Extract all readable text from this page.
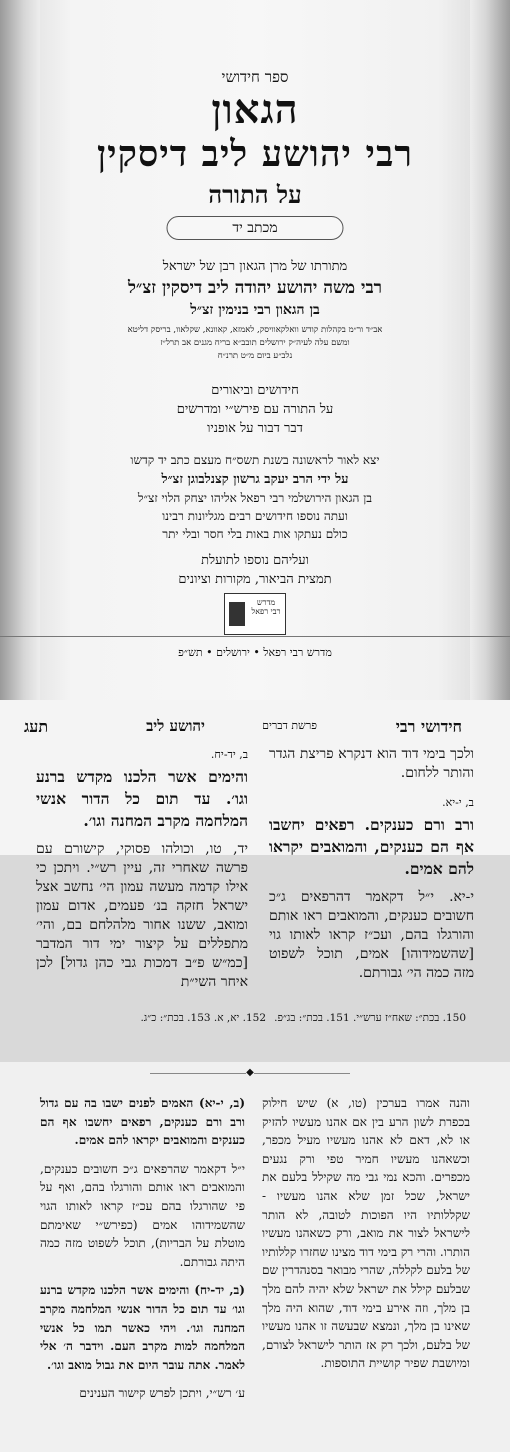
ספר חידושי
הגאון
רבי יהושע ליב דיסקין
על התורה
מכתב יד
מתורתו של מרן הגאון רבן של ישראל
רבי משה יהושע יהודה ליב דיסקין זצ״ל
בן הגאון רבי בנימין זצ״ל
אב״ד ור״מ בקהלות קודש וואלקאוויסק, לאמזא, קאוונא, שקלאוו, בריסק דליטא
ומשם עלה לעיה״ק ירושלים תובב״א בריח מגנים אב תרל״ז
נלב״ע ביום מ״ט תרנ״ח
חידושים וביאורים
על התורה עם פירש״י ומדרשים
דבר דבור על אופניו
יצא לאור לראשונה בשנת תשס״ח מעצם כתב יד קדשו
על ידי הרב יעקב גרשון קצנלבוגן זצ״ל
בן הגאון הירושלמי רבי רפאל אליהו יצחק הלוי זצ״ל
ועתה נוספו חידושים רבים מגליונות רבינו
כולם נעתקו אות באות בלי חסר ובלי יתר
ועליהם נוספו לתועלת
תמצית הביאור, מקורות וציונים
מדרש רבי רפאל
מדרש רבי רפאל • ירושלים • תש״פ
חידושי רבי
פרשת דברים
יהושע ליב
תעג

ולכך בימי דוד הוא דנקרא פריצת הגדר והותר ללחום.

ב, י-יא.
ורב ורם כענקים. רפאים יחשבו אף הם כענקים, והמואבים יקראו להם אמים.

י-יא. י״ל דקאמר דהרפאים ג״כ חשובים כענקים, והמואבים ראו אותם והורגלו בהם, ועכ״ז קראו לאותו גוי [שהשמידוהו] אמים, תוכל לשפוט מזה כמה הי׳ גבורתם.

ב, יד-יח.
והימים אשר הלכנו מקדש ברנע וגו׳. עד תום כל הדור אנשי המלחמה מקרב המחנה וגו׳.

יד, טו, וכולהו פסוקי, קישורם עם פרשה שאחרי זה, עיין רש״י. ויתכן כי אילו קדמה מעשה עמון הי׳ נחשב אצל ישראל חזקה בנ׳ פעמים, אדום עמון ומואב, ששנו אחור מלהלחם בם, והי׳ מתפללים על קיצור ימי דור המדבר [כמ״ש פ״ב דמכות גבי כהן גדול] לכן איחר השי״ת

150. בכת״: שאח״ז ערש״י. 151. בכת״: בג״פ.
152. יא, א. 153. בכת״: כ״ג.
◆

והנה אמרו בערכין (טו, א) שיש חילוק בכפרת לשון הרע בין אם אהנו מעשיו להזיק או לא, דאם לא אהנו מעשיו מעיל מכפר, וכשאהנו מעשיו חמיר טפי ורק נגעים מכפרים. והכא נמי גבי מה שקילל בלעם את ישראל, שכל זמן שלא אהנו מעשיו - שקללותיו היו הפוכות לטובה, לא הותר לישראל לצור את מואב, ורק כשאהנו מעשיו הותרו. והרי רק בימי דוד מצינו שחזרו קללותיו של בלעם לקללה, שהרי מבואר בסנהדרין שם שבלעם קילל את ישראל שלא יהיה להם מלך בן מלך, וזה אירע בימי דוד, שהוא היה מלך שאינו בן מלך, ונמצא שבעשה זו אהנו מעשיו של בלעם, ולכך רק אז הותר לישראל לצורם, ומיושבת שפיר קושיית התוספות.

(ב, י-יא) האמים לפנים ישבו בה עם גדול ורב ורם כענקים, רפאים יחשבו אף הם כענקים והמואבים יקראו להם אמים.

י״ל דקאמר שהרפאים ג״כ חשובים כענקים, והמואבים ראו אותם והורגלו בהם, ואף על פי שהורגלו בהם עכ״ז קראו לאותו הגוי שהשמידוהו אמים (כפירש״י שאימתם מוטלת על הבריות), תוכל לשפוט מזה כמה היתה גבורתם.

(ב, יד-יח) והימים אשר הלכנו מקדש ברנע וגו׳ עד תום כל הדור אנשי המלחמה מקרב המחנה וגו׳. ויהי כאשר תמו כל אנשי המלחמה למות מקרב העם. וידבר ה׳ אלי לאמר. אתה עובר היום את גבול מואב וגו׳.

ע׳ רש״י, ויתכן לפרש קישור הענינים
